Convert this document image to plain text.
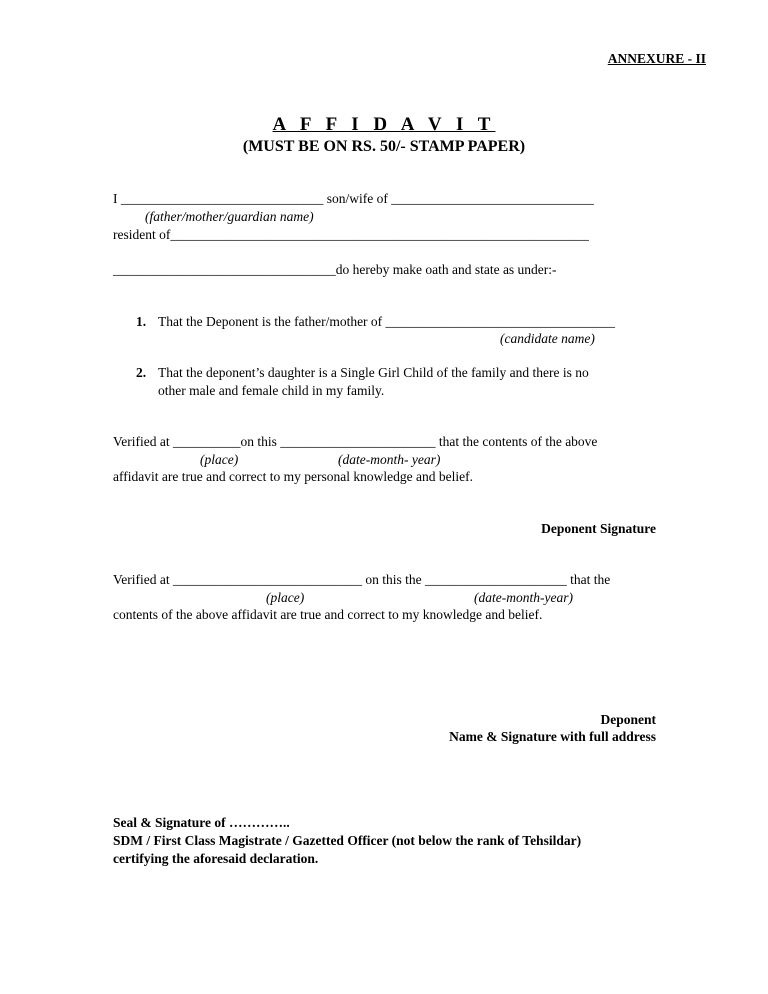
ANNEXURE - II
A F F I D A V I T
(MUST BE ON RS. 50/- STAMP PAPER)
I ______________________________ son/wife of ______________________________
(father/mother/guardian name)
resident of______________________________________________________________
_________________________________do hereby make oath and state as under:-
1. That the Deponent is the father/mother of __________________________________
(candidate name)
2. That the deponent’s daughter is a Single Girl Child of the family and there is no
other male and female child in my family.
Verified at __________on this _______________________ that the contents of the above
(place)	(date-month- year)
affidavit are true and correct to my personal knowledge and belief.
Deponent Signature
Verified at ____________________________ on this the _____________________ that the
(place)	(date-month-year)
contents of the above affidavit are true and correct to my knowledge and belief.
Deponent
Name & Signature with full address
Seal & Signature of …………..
SDM / First Class Magistrate / Gazetted Officer (not below the rank of Tehsildar)
certifying the aforesaid declaration.
